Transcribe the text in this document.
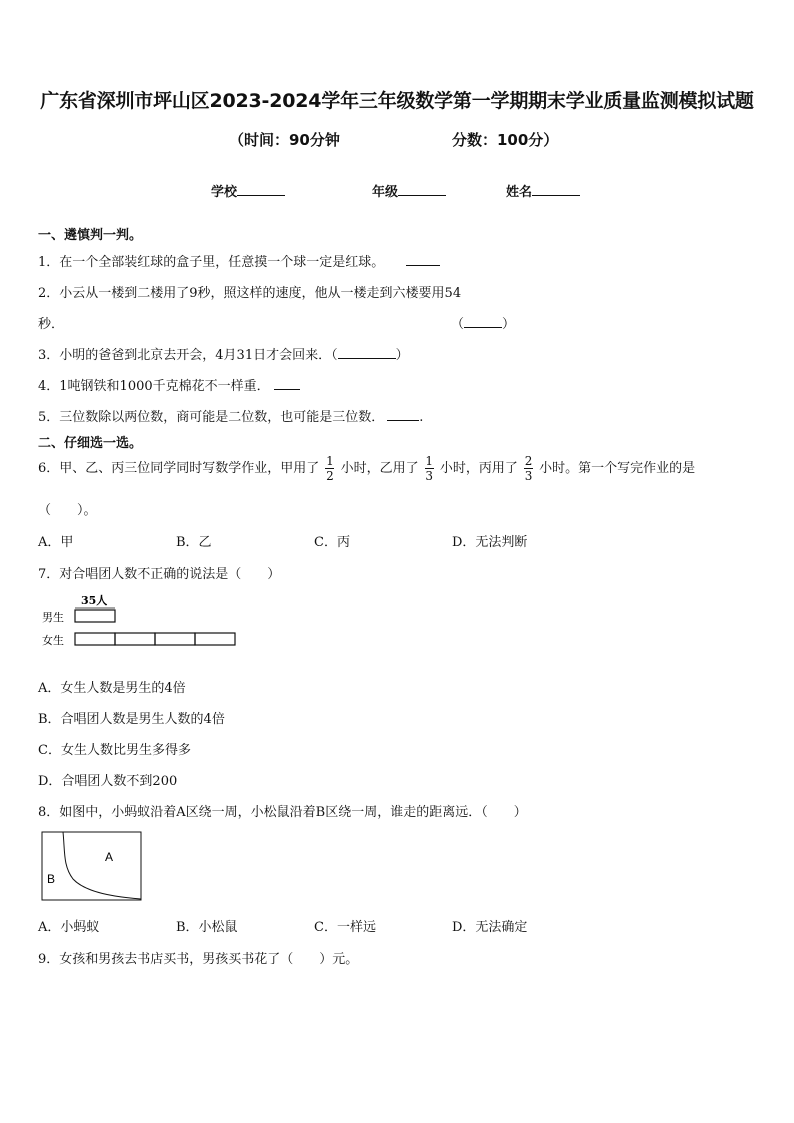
广东省深圳市坪山区2023-2024学年三年级数学第一学期期末学业质量监测模拟试题
（时间：90分钟	分数：100分）
学校	年级	姓名
一、遴慎判一判。
1．在一个全部装红球的盒子里，任意摸一个球一定是红球。
2．小云从一楼到二楼用了9秒，照这样的速度，他从一楼走到六楼要用54
秒．	（	）
3．小明的爸爸到北京去开会，4月31日才会回来．（	）
4．1吨钢铁和1000千克棉花不一样重．
5．三位数除以两位数，商可能是二位数，也可能是三位数．	.
二、仔细选一选。
6．甲、乙、丙三位同学同时写数学作业，甲用了 $\frac{1}{2}$ 小时，乙用了 $\frac{1}{3}$ 小时，丙用了 $\frac{2}{3}$ 小时。第一个写完作业的是
（　　）。
A．甲	B．乙	C．丙	D．无法判断
7．对合唱团人数不正确的说法是（　　）
35人
男生
女生
A．女生人数是男生的4倍
B．合唱团人数是男生人数的4倍
C．女生人数比男生多得多
D．合唱团人数不到200
8．如图中，小蚂蚁沿着A区绕一周，小松鼠沿着B区绕一周，谁走的距离远．（　　）
A
B
A．小蚂蚁	B．小松鼠	C．一样远	D．无法确定
9．女孩和男孩去书店买书，男孩买书花了（　　）元。
